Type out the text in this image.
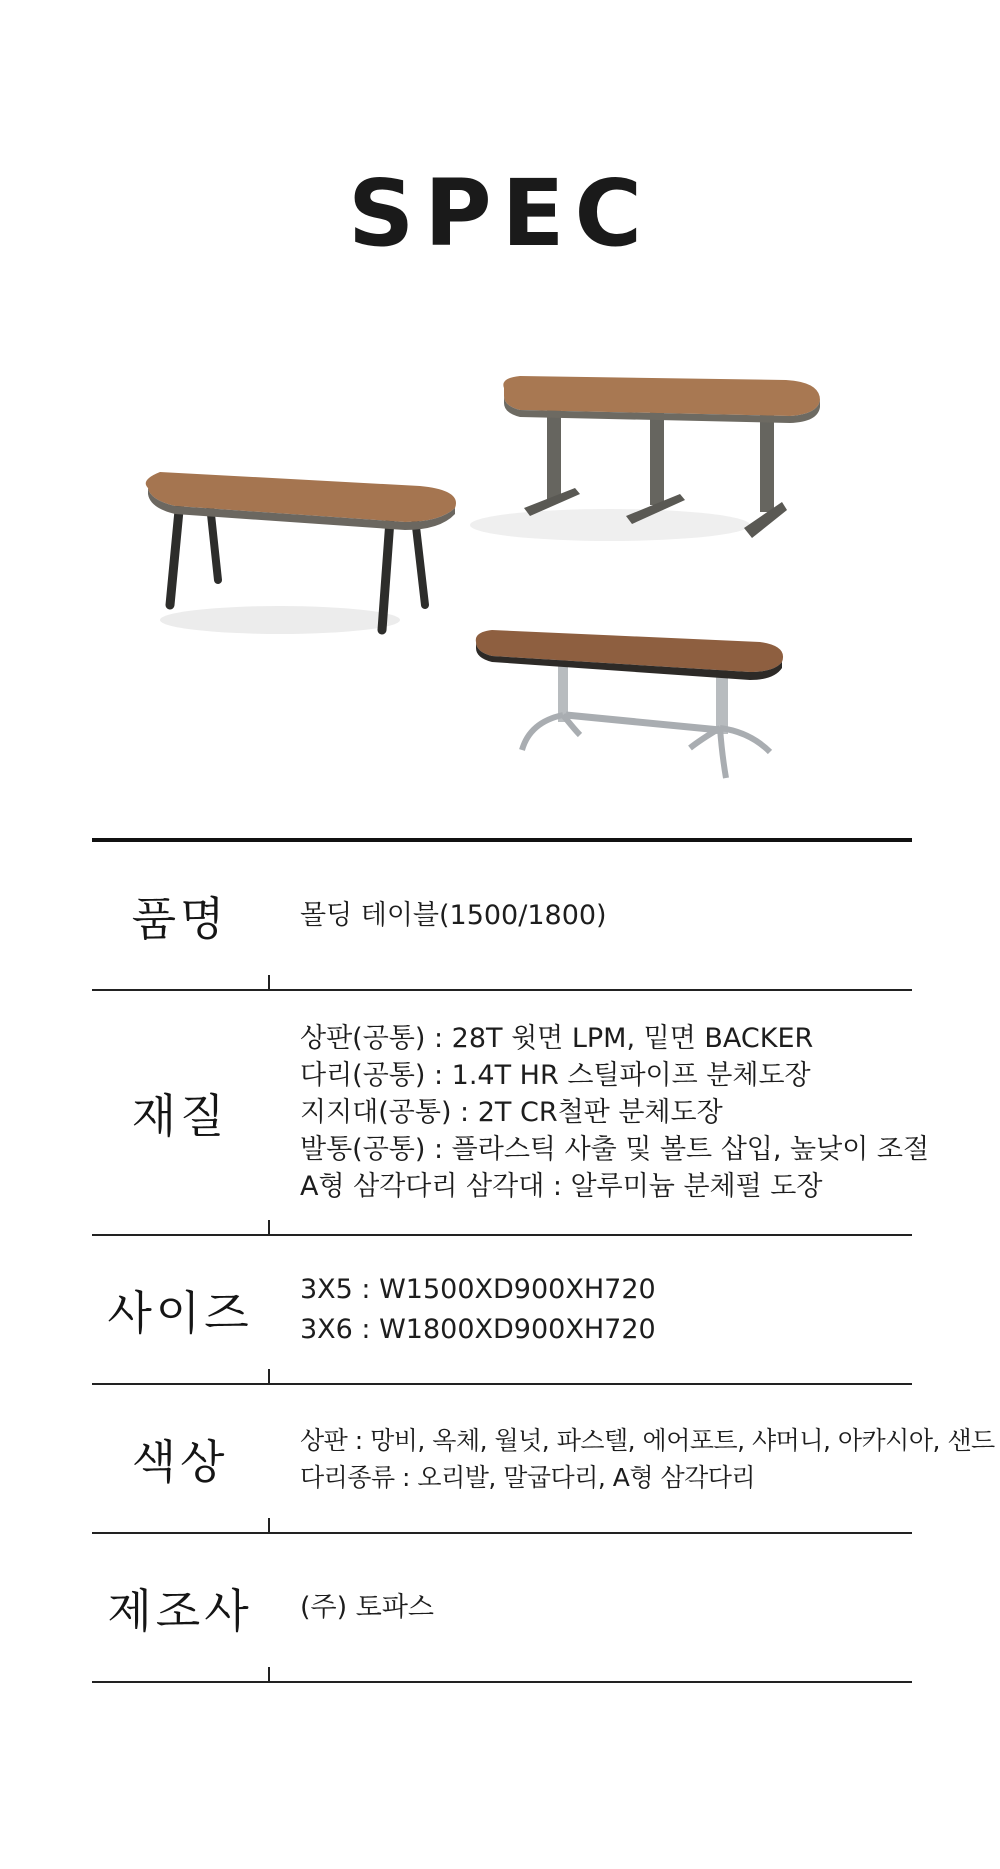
SPEC
품명	몰딩 테이블(1500/1800)
재질
상판(공통) : 28T 윗면 LPM, 밑면 BACKER
다리(공통) : 1.4T HR 스틸파이프 분체도장
지지대(공통) : 2T CR철판 분체도장
발통(공통) : 플라스틱 사출 및 볼트 삽입, 높낮이 조절
A형 삼각다리 삼각대 : 알루미늄 분체펄 도장
사이즈	3X5 : W1500XD900XH720
3X6 : W1800XD900XH720
색상	상판 : 망비, 옥체, 월넛, 파스텔, 에어포트, 샤머니, 아카시아, 샌드
다리종류 : 오리발, 말굽다리, A형 삼각다리
제조사	(주) 토파스
